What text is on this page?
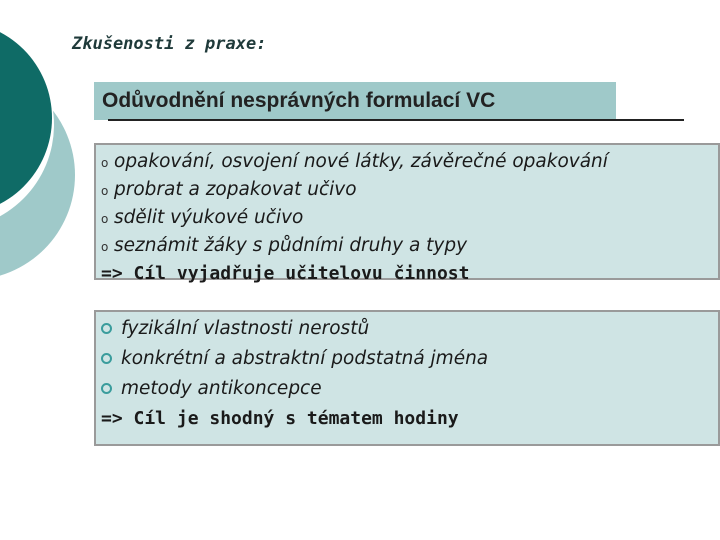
Zkušenosti z praxe:
Odůvodnění nesprávných formulací VC
o opakování, osvojení nové látky, závěrečné opakování
o probrat a zopakovat učivo
o sdělit výukové učivo
o seznámit žáky s půdními druhy a typy
=> Cíl vyjadřuje učitelovu činnost
fyzikální vlastnosti nerostů
konkrétní a abstraktní podstatná jména
metody antikoncepce
=> Cíl je shodný s tématem hodiny
